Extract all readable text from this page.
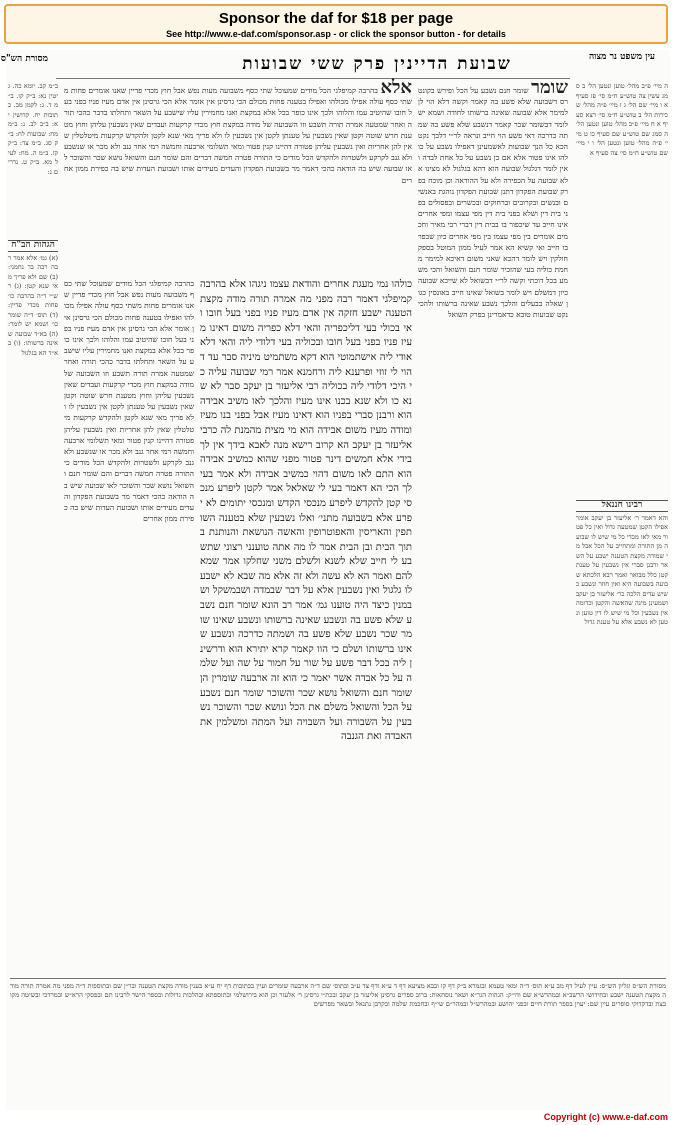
Sponsor the daf for $18 per page
See http://www.e-daf.com/sponsor.asp - or click the sponsor button - for details
עין משפט נר מצוה
שבועת הדיינין פרק ששי שבועות
מסורת הש"ס
ה מיי׳ פ״ב מהל׳ טוען ונטען הל׳ ב סמג עשין צה טוש״ע ח״מ סי׳ פז סעיף א ו מיי׳ שם הל׳ ג ז מיי׳ פ״ה מהל׳ שכירות הל׳ ב טוש״ע ח״מ סי׳ רצא סעיף א ח מיי׳ פ״ב מהל׳ טוען ונטען הל׳ ה סמג שם טוש״ע שם סעיף כו ט מיי׳ פ״ה מהל׳ טוען ונטען הל׳ ו י מיי׳ שם טוש״ע ח״מ סי׳ צה סעיף א
רבינו חננאל
והא דאמר ר׳ אליעזר בן יעקב אומר אפילו הקטן שמטעה גדול ואין כל פטור מאי לאו מכדי כל מי שיש לו שבועה מן התורה ומתחייב על הכל אבל מי שמודה מקצת הטענה ישבע על השאר ורבנן סברי אין נשבעין על טענת קטן כלל מבואר ואמר רבא הלכתא שבועה בשבועה היא ואין חוזר ונשבע כשיש עדים הלכה כר׳ אליעזר בן יעקב ושמעינן מינה שהאשה והקטן וכדומה אין נשבעין וכל מי שיש לו דין טוען ונטען לא נשבע אלא על טענת גדול
שומר שומר חנם נשבע על הכל ופירש בקונטרס דשבועה שלא פשע בה קאמר וקשה דלא הוי לן למימר אלא שבועה שאינה ברשותו לחודה ושמא יש לומר דבשומר שכר קאמר דנשבע שלא פשע בה שמתה כדרכה דאי פשע הוי חייב ונראה לר״י דלכך נקט הכא כל הנך שבועות לאשמעינן דאפילו נשבע על כולהו אינו פטור אלא אם כן נשבע על כל אחת לבדה ואין לומר דגלגול שבועה הוא דהא בגלגול לא מצינו אלא שבועה על הכפירה ולא על ההודאה וכן מוכח בפרק שבועת הפקדון דתנן שבועת הפקדון נוהגת באנשים ובנשים ובקרובים וברחוקים ובכשרים ובפסולים בפני בית דין ושלא בפני בית דין מפי עצמו ומפי אחרים אינו חייב עד שיכפור בו בבית דין דברי רבי מאיר וחכמים אומרים בין מפי עצמו בין מפי אחרים כיון שכפר בו חייב ואי קשיא הא אמר לעיל ממון המוטל בספק חולקין ויש לומר דהכא שאני משום דאיכא למימר מחמת כוליה בעי שהזכיר שומר חנם והשואל והכי משמע בכל דוכתי וקשה לר״י דבשואל לא שייכא שבועה כיון דמשלם ויש לומר בשואל שאינו חייב באונסין כגון שאלה בבעלים והלכך נשבע שאינה ברשותו ולהכי נקט שבועות טובא כדאמרינן בפרק השואל
כולהו נמי מעגת אחרים והודאת עצמו ניגהו אלא בהרבה קמיפלגי דאמר רבה מפני מה אמרה תורה מודה מקצת הטענה ישבע חזקה אין אדם מעיז פניו בפני בעל חובו ואי בכולי בעי דליכפריה והאי דלא כפריה משום דאינו מעיז פניו בפני בעל חובו ובכוליה בעי דלודי ליה והאי דלא אודי ליה אישתמוטי הוא דקא משתמיט מיניה סבר עד דהוי לי זוזי ופרענא ליה ורחמנא אמר רמי שבועה עליה כי היכי דלודי ליה בכוליה רבי אליעזר בן יעקב סבר לא שנא כו ולא שנא בכנו אינו מעיז והלכך לאו משיב אבידה הוא ורבנן סברי בפניו הוא דאינו מעיז אבל בפני בנו מעיז ומודה מעיז משום אבידה הוא מי מצית מהמנת לה כרבי אליעזר בן יעקב הא קרוב רישא מנה לאבא בידך אין לך בידי אלא חמשים דינר פטור מפני שהוא כמשיב אבידה הוא התם לאו משום דהוי כמשיב אבידה ולא אמר בעי לך הכי הא דאמר בעי לי שאלאל אמר לקטן ליפרע מנכסי קטן להקדש ליפרע מנכסי הקדש ומנכסי יתומים לא יפרע אלא בשבועה מתני׳ ואלו נשבעין שלא בטענה השותפין והאריסין והאפוטרופין והאשה הנושאת והנותנת בתוך הבית ובן הבית אמר לו מה אתה טוענני רצוני שתשבע לי חייב שלא לשנא ולשלם משני שחלקו אמר שמא להם ואמר הא לא עשה ולא זה אלא מה שבא לא ישבע לו גלגול ואין נשבעין אלא על דבר שבמדה ושבמשקל ושבמנין כיצד היה טוענו גמ׳ אמר רב הונא שומר חנם נשבע שלא פשע בה ונשבע שאינה ברשותו ונשבע שאינו שומר שכר נשבע שלא פשע בה ושמתה כדרכה ונשבע שאינו ברשותו ושלם כי הוו קאמר קרא יתירא הוא ודרשינן ליה בכל דבר פשע על שור על חמור על שה ועל שלמה על כל אבדה אשר יאמר כי הוא זה ארבעה שומרין הן שומר חנם והשואל נושא שכר והשוכר שומר חנם נשבע על הכל והשואל משלם את הכל ונושא שכר והשוכר נשבעין על השבורה ועל השבויה ועל המתה ומשלמין את האבדה ואת הגנבה
אלא בהרבה קמיפלגי הכל מודים שמעוכל שתי כסף משבועה מעות נפש אבל חוץ מכדי פדיין שאנו אומרים פחות משתי כסף עולה אפילו מכולהו ואפילו בטענה פחות מכולם הכי גרסינן אין אומר אלא הכי גרסינן אין אדם מעיז פניו בפני בעל חובו שהיטיב עמו והלוהו ולכך אינו כופר בכל אלא במקצת ואנו מחמירין עליו שישבע על השאר ותחלתו בדבר כהכי תורה ואחר שמטעה אמרה תורה תשבע וזו השבועה של מודה במקצת חוץ מכדי קרקעות ועבדים שאין נשבעין עליהן וחוץ מטענת חרש שוטה וקטן שאין נשבעין על טענתן לקטן אין נשבעין לו ולא פריך מאי שנא לקטן ולהקדש קרקעות מיטלטלין שאין להן אחריות ואין נשבעין עליהן פטורה דהיינו קנין פטור ומאי תשלומי ארבעה וחמשה רמי אחר גנב ולא מכר או שנשבע ולא גנב לקרקע ולשטרות ולהקדש הכל מודים כי התורה פטרה חמשה דברים והם שומר חנם והשואל נושא שכר והשוכר לאו שבועה שיש בה הודאה כהכי דאמר מר בשבועת הפקדון והעדים מעידים אותו ושבועת העדות שיש בה כפירת ממון אחרים
בהרבה קמיפלגי הכל מודים שמעוכל שתי כסף משבועה מעות נפש אבל חוץ מכדי פדיין שאנו אומרים פחות משתי כסף עולה אפילו מכולהו ואפילו בטענה פחות מכולם הכי גרסינן אין אומר אלא הכי גרסינן אין אדם מעיז פניו בפני בעל חובו שהיטיב עמו והלוהו ולכך אינו כופר בכל אלא במקצת ואנו מחמירין עליו שישבע על השאר ותחלתו בדבר כהכי תורה ואחר שמטעה אמרה תורה תשבע וזו השבועה של מודה במקצת חוץ מכדי קרקעות ועבדים שאין נשבעין עליהן וחוץ מטענת חרש שוטה וקטן שאין נשבעין על טענתן לקטן אין נשבעין לו ולא פריך מאי שנא לקטן ולהקדש קרקעות מיטלטלין שאין להן אחריות ואין נשבעין עליהן פטורה דהיינו קנין פטור ומאי תשלומי ארבעה וחמשה רמי אחר גנב ולא מכר או שנשבע ולא גנב לקרקע ולשטרות ולהקדש הכל מודים כי התורה פטרה חמשה דברים והם שומר חנם והשואל נושא שכר והשוכר לאו שבועה שיש בה הודאה כהכי דאמר מר בשבועת הפקדון והעדים מעידים אותו ושבועת העדות שיש בה כפירת ממון אחרים
ב״מ קב. יומא כה. גיטין נא: ב״ק קו. ב״מ ד. ג: לקמן מב. כתובות יח. קדושין יא: ב״ב לב. נ: ב״מ מח: שבועות לח: ב״ק סג. ב״מ צד: ב״ק קז. ב״מ ה. מח: לעיל מא. ב״ק ט. נדרים נ:
הגהות הב"ח
(א) גמ׳ אלא אמר רבה רבה בר נחמני: (ב) שם ולא פריך מאי שנא קטן: (ג) רש״י ד״ה בהרבה כו׳ פחות מכדי פדיין: (ד) תוס׳ ד״ה שומר כו׳ ושמא יש לומר: (ה) בא״ד שבועה שאינה ברשותו: (ו) בא״ד הא בגלגול
מסורת הש״ס וגליון הש״ס: עיין לעיל דף מב ע״א תוס׳ ד״ה ומאי טעמא ובגמרא ב״ק דף קו ובבא מציעא דף ד ע״א ודף צד ע״ב ובתוס׳ שם ד״ה ארבעה שומרים ועיין בכתובות דף יח ע״א בענין מודה מקצת הטענה ובר״ן שם ובתוספות ד״ה מפני מה אמרה תורה מודה מקצת הטענה ישבע ובחידושי הרשב״א ובמהרש״א שם ודו״ק: הגהות הגר״א ושאר נוסחאות: ברוב ספרים גרסינן אליעזר בן יעקב ובכת״י גרסינן ר׳ אלעזר וכן הוא בירושלמי ובתוספתא ובהלכות גדולות ובספר הישר לרבינו תם ובפסקי הרא״ש ובמרדכי ובשיטה מקובצת ובדקדוקי סופרים עיין שם: יעוין בספר תורת חיים ובפני יהושע ובמהרש״ל ובמהר״ם שי״ף ובחכמת שלמה ובקרבן נתנאל ובשאר מפרשים
Copyright (c) www.e-daf.com
